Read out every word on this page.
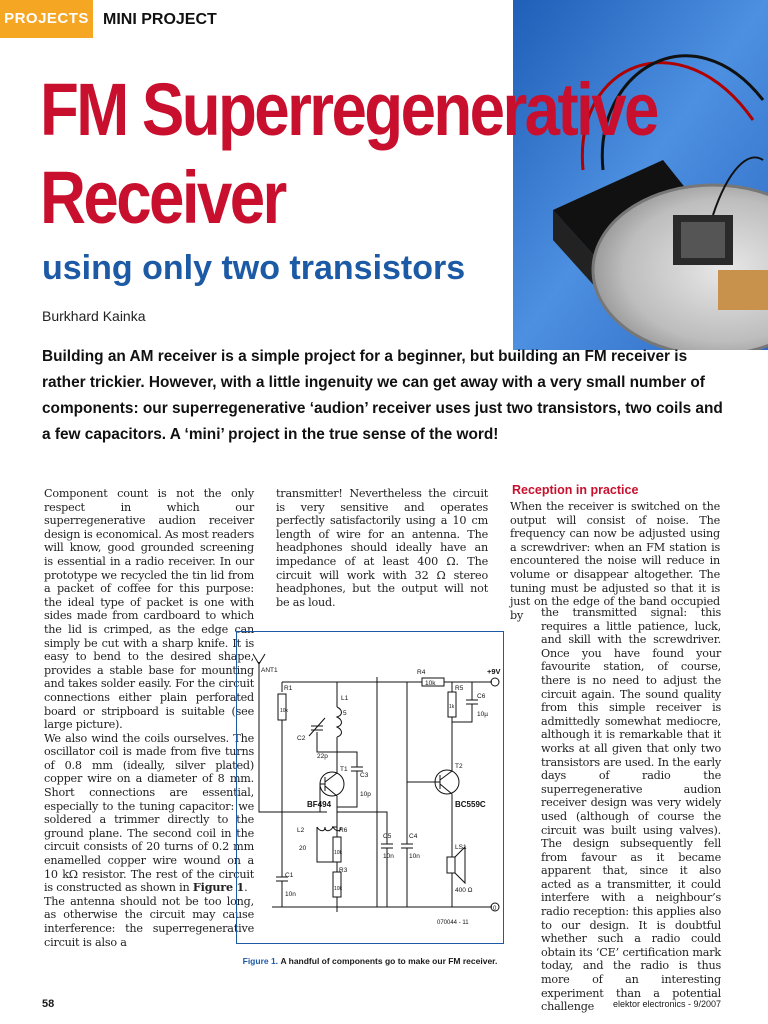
PROJECTS MINI PROJECT
FM Superregenerative
Receiver
using only two transistors
Burkhard Kainka
Building an AM receiver is a simple project for a beginner, but building an FM receiver is rather trickier. However, with a little ingenuity we can get away with a very small number of components: our superregenerative ‘audion’ receiver uses just two transistors, two coils and a few capacitors. A ‘mini’ project in the true sense of the word!

Component count is not the only respect in which our superregenerative audion receiver design is economical. As most readers will know, good grounded screening is essential in a radio receiver. In our prototype we recycled the tin lid from a packet of coffee for this purpose: the ideal type of packet is one with sides made from cardboard to which the lid is crimped, as the edge can simply be cut with a sharp knife. It is easy to bend to the desired shape, provides a stable base for mounting and takes solder easily. For the circuit connections either plain perforated board or stripboard is suitable (see large picture).

We also wind the coils ourselves. The oscillator coil is made from five turns of 0.8 mm (ideally, silver plated) copper wire on a diameter of 8 mm. Short connections are essential, especially to the tuning capacitor: we soldered a trimmer directly to the ground plane. The second coil in the circuit consists of 20 turns of 0.2 mm enamelled copper wire wound on a 10 kΩ resistor. The rest of the circuit is constructed as shown in Figure 1.

The antenna should not be too long, as otherwise the circuit may cause interference: the superregenerative circuit is also a

transmitter! Nevertheless the circuit is very sensitive and operates perfectly satisfactorily using a 10 cm length of wire for an antenna. The headphones should ideally have an impedance of at least 400 Ω. The circuit will work with 32 Ω stereo headphones, but the output will not be as loud.
Reception in practice
When the receiver is switched on the output will consist of noise. The frequency can now be adjusted using a screwdriver: when an FM station is encountered the noise will reduce in volume or disappear altogether. The tuning must be adjusted so that it is just on the edge of the band occupied by	the transmitted signal: this requires a little patience, luck, and skill with the screwdriver. Once you have found your favourite station, of course, there is no need to adjust the circuit again. The sound quality from this simple receiver is admittedly somewhat mediocre, although it is remarkable that it works at all given that only two transistors are used. In the early days of radio the superregenerative audion receiver design was very widely used (although of course the circuit was built using valves). The design subsequently fell from favour as it became apparent that, since it also acted as a transmitter, it could interfere with a neighbour’s radio reception: this applies also to our design. It is doubtful whether such a radio could obtain its ‘CE’ certification mark today, and the radio is thus more of an interesting experiment than a potential challenge
ANT1
R1
10k
L1
5
C2
22p
T1
BF494
C3
10p
R4
10k
R5
1k
C6
10µ
+9V
T2
BC559C
L2
20
R6
10k
C5
10n
C4
10n
C1
10n
R3
10k
LS1
400 Ω
070044 - 11
0
Figure 1. A handful of components go to make our FM receiver.
58	elektor electronics - 9/2007
